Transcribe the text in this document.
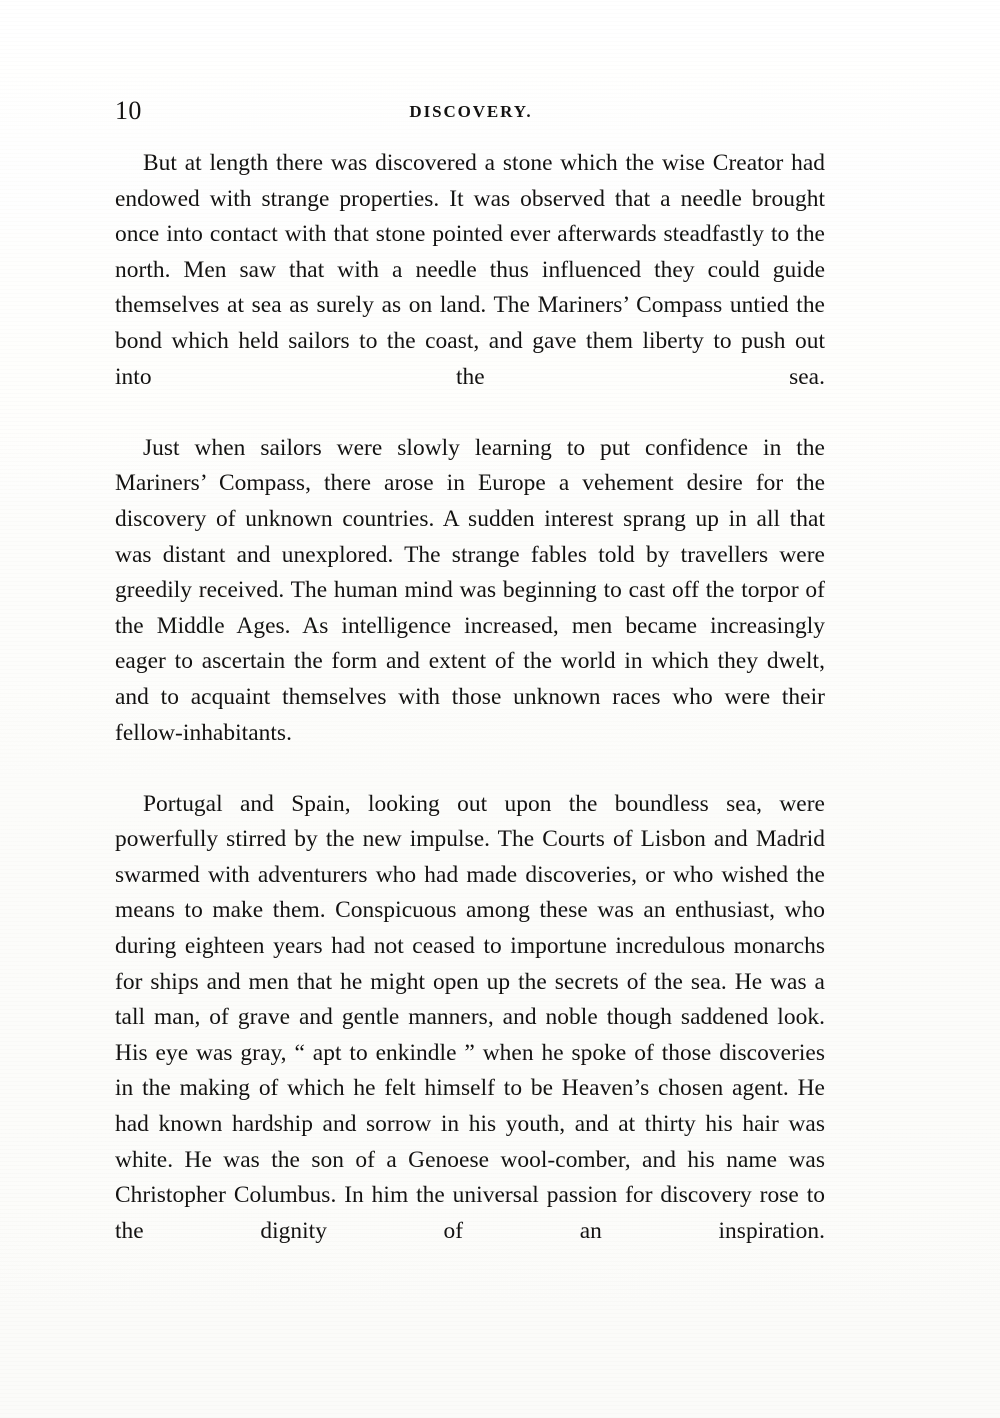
10	DISCOVERY.

But at length there was discovered a stone which the wise Creator had endowed with strange properties. It was observed that a needle brought once into contact with that stone pointed ever afterwards steadfastly to the north. Men saw that with a needle thus influenced they could guide themselves at sea as surely as on land. The Mariners’ Compass untied the bond which held sailors to the coast, and gave them liberty to push out into the sea.

Just when sailors were slowly learning to put confidence in the Mariners’ Compass, there arose in Europe a vehement desire for the discovery of unknown countries. A sudden interest sprang up in all that was distant and unexplored. The strange fables told by travellers were greedily received. The human mind was beginning to cast off the torpor of the Middle Ages. As intelligence increased, men became increasingly eager to ascertain the form and extent of the world in which they dwelt, and to acquaint themselves with those unknown races who were their fellow-inhabitants.

Portugal and Spain, looking out upon the boundless sea, were powerfully stirred by the new impulse. The Courts of Lisbon and Madrid swarmed with adventurers who had made discoveries, or who wished the means to make them. Conspicuous among these was an enthusiast, who during eighteen years had not ceased to importune incredulous monarchs for ships and men that he might open up the secrets of the sea. He was a tall man, of grave and gentle manners, and noble though saddened look. His eye was gray, “ apt to enkindle ” when he spoke of those discoveries in the making of which he felt himself to be Heaven’s chosen agent. He had known hardship and sorrow in his youth, and at thirty his hair was white. He was the son of a Genoese wool-comber, and his name was Christopher Columbus. In him the universal passion for discovery rose to the dignity of an inspiration.
